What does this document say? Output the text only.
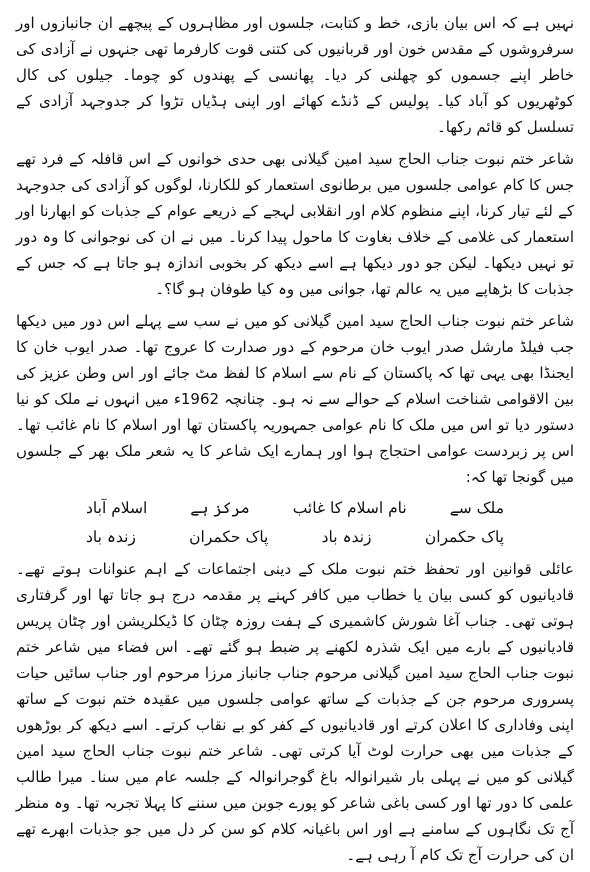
نہیں ہے کہ اس بیان بازی، خط و کتابت، جلسوں اور مظاہروں کے پیچھے ان جانبازوں اور سرفروشوں کے مقدس خون اور قربانیوں کی کتنی قوت کارفرما تھی جنہوں نے آزادی کی خاطر اپنے جسموں کو چھلنی کر دیا۔ پھانسی کے پھندوں کو چوما۔ جیلوں کی کال کوٹھریوں کو آباد کیا۔ پولیس کے ڈنڈے کھائے اور اپنی ہڈیاں تڑوا کر جدوجہد آزادی کے تسلسل کو قائم رکھا۔

شاعر ختم نبوت جناب الحاج سید امین گیلانی بھی حدی خوانوں کے اس قافلہ کے فرد تھے جس کا کام عوامی جلسوں میں برطانوی استعمار کو للکارنا، لوگوں کو آزادی کی جدوجہد کے لئے تیار کرنا، اپنے منظوم کلام اور انقلابی لہجے کے ذریعے عوام کے جذبات کو ابھارنا اور استعمار کی غلامی کے خلاف بغاوت کا ماحول پیدا کرنا۔ میں نے ان کی نوجوانی کا وہ دور تو نہیں دیکھا۔ لیکن جو دور دیکھا ہے اسے دیکھ کر بخوبی اندازہ ہو جاتا ہے کہ جس کے جذبات کا بڑھاپے میں یہ عالم تھا، جوانی میں وہ کیا طوفان ہو گا؟۔

شاعر ختم نبوت جناب الحاج سید امین گیلانی کو میں نے سب سے پہلے اس دور میں دیکھا جب فیلڈ مارشل صدر ایوب خان مرحوم کے دور صدارت کا عروج تھا۔ صدر ایوب خان کا ایجنڈا بھی یہی تھا کہ پاکستان کے نام سے اسلام کا لفظ مٹ جائے اور اس وطن عزیز کی بین الاقوامی شناخت اسلام کے حوالے سے نہ ہو۔ چنانچہ 1962ء میں انہوں نے ملک کو نیا دستور دیا تو اس میں ملک کا نام عوامی جمہوریہ پاکستان تھا اور اسلام کا نام غائب تھا۔ اس پر زبردست عوامی احتجاج ہوا اور ہمارے ایک شاعر کا یہ شعر ملک بھر کے جلسوں میں گونجا تھا کہ:

ملک سے
نام اسلام کا غائب
مرکز ہے
اسلام آباد
پاک حکمران
زندہ باد
پاک حکمران
زندہ باد

عائلی قوانین اور تحفظ ختم نبوت ملک کے دینی اجتماعات کے اہم عنوانات ہوتے تھے۔ قادیانیوں کو کسی بیان یا خطاب میں کافر کہنے پر مقدمہ درج ہو جاتا تھا اور گرفتاری ہوتی تھی۔ جناب آغا شورش کاشمیری کے ہفت روزہ چٹان کا ڈیکلریشن اور چٹان پریس قادیانیوں کے بارے میں ایک شذرہ لکھنے پر ضبط ہو گئے تھے۔ اس فضاء میں شاعر ختم نبوت جناب الحاج سید امین گیلانی مرحوم جناب جانباز مرزا مرحوم اور جناب سائیں حیات پسروری مرحوم جن کے جذبات کے ساتھ عوامی جلسوں میں عقیدہ ختم نبوت کے ساتھ اپنی وفاداری کا اعلان کرتے اور قادیانیوں کے کفر کو بے نقاب کرتے۔ اسے دیکھ کر بوڑھوں کے جذبات میں بھی حرارت لوٹ آیا کرتی تھی۔ شاعر ختم نبوت جناب الحاج سید امین گیلانی کو میں نے پہلی بار شیرانوالہ باغ گوجرانوالہ کے جلسہ عام میں سنا۔ میرا طالب علمی کا دور تھا اور کسی باغی شاعر کو پورے جوبن میں سننے کا پہلا تجربہ تھا۔ وہ منظر آج تک نگاہوں کے سامنے ہے اور اس باغیانہ کلام کو سن کر دل میں جو جذبات ابھرے تھے ان کی حرارت آج تک کام آ رہی ہے۔
